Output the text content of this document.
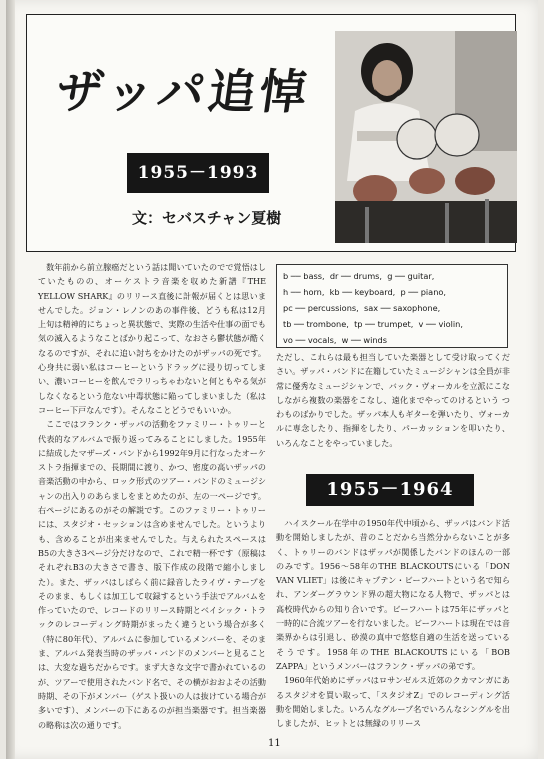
ザッパ追悼
1955－1993
文：セバスチャン夏樹

　数年前から前立腺癌だという話は聞いていたのでで覚悟はしていたものの、オーケストラ音楽を収めた新譜『THE YELLOW SHARK』のリリース直後に計報が届くとは思いませんでした。ジョン・レノンのあの事件後、どうも私は12月上旬は精神的にちょっと異状態で、実際の生活や仕事の面でも気の滅入るようなことばかり起こって、なおさら鬱状態が酷くなるのですが、それに追い討ちをかけたのがザッパの死です。心身共に弱い私はコーヒーというドラッグに浸り切ってしまい、濃いコーヒーを飲んでラリっちゃわないと何ともやる気がしなくなるという危ない中毒状態に陥ってしまいました（私はコーヒー下戸なんです）。そんなことどうでもいいか。

　ここではフランク・ザッパの活動をファミリー・トゥリーと代表的なアルバムで振り返ってみることにしました。1955年に結成したマザーズ・バンドから1992年9月に行なったオーケストラ指揮までの、長期間に渡り、かつ、密度の高いザッパの音楽活動の中から、ロック形式のツアー・バンドのミュージシャンの出入りのあらましをまとめたのが、左の一ページです。右ページにあるのがその解説です。このファミリー・トゥリーには、スタジオ・セッションは含めませんでした。というよりも、含めることが出来ませんでした。与えられたスペースはB5の大きさ3ページ分だけなので、これで精一杯です（原稿はそれぞれB3の大きさで書き、版下作成の段階で縮小しました）。また、ザッパはしばらく前に録音したライヴ・テープをそのまま、もしくは加工して収録するという手法でアルバムを作っていたので、レコードのリリース時期とベイシック・トラックのレコーディング時期がまったく違うという場合が多く（特に80年代）、アルバムに参加しているメンバーを、そのまま、アルバム発表当時のザッパ・バンドのメンバーと見ることは、大変な過ちだからです。まず大きな文字で書かれているのが、ツアーで使用されたバンド名で、その横がおおよその活動時期、その下がメンバー（ゲスト扱いの人は抜けている場合が多いです）、メンバーの下にあるのが担当楽器です。担当楽器の略称は次の通りです。

b ── bass,  dr ── drums,  g ── guitar,
h ── horn,  kb ── keyboard,  p ── piano,
pc ── percussions,  sax ── saxophone,
tb ── trombone,  tp ── trumpet,  v ── violin,
vo ── vocals,  w ── winds

ただし、これらは最も担当していた楽器として受け取ってください。ザッパ・バンドに在籍していたミュージシャンは全員が非常に優秀なミュージシャンで、バック・ヴォーカルを立派にこなしながら複数の楽器をこなし、遠化までやってのけるという つわものばかりでした。ザッパ本人もギターを弾いたり、ヴォーカルに専念したり、指揮をしたり、パーカッションを叩いたり、いろんなことをやっていました。

1955－1964

　ハイスクール在学中の1950年代中頃から、ザッパはバンド活動を開始しましたが、昔のことだから当然分からないことが多く、トゥリーのバンドはザッパが関係したバンドのほんの一部のみです。1956～58年のTHE BLACKOUTSにいる「DON VAN VLIET」は後にキャプテン・ビーフハートという名で知られ、アンダーグラウンド界の超大物になる人物で、ザッパとは高校時代からの知り合いです。ビーフハートは75年にザッパと一時的に合流ツアーを行ないました。ビーフハートは現在では音楽界からは引退し、砂漠の真中で悠悠自適の生活を送っているそうです。1958年のTHE BLACKOUTSにいる「BOB ZAPPA」というメンバーはフランク・ザッパの弟です。

　1960年代始めにザッパはロサンゼルス近郊のクカマンガにあるスタジオを買い取って、「スタジオZ」でのレコーディング活動を開始しました。いろんなグループ名でいろんなシングルを出しましたが、ヒットとは無縁のリリース

11
